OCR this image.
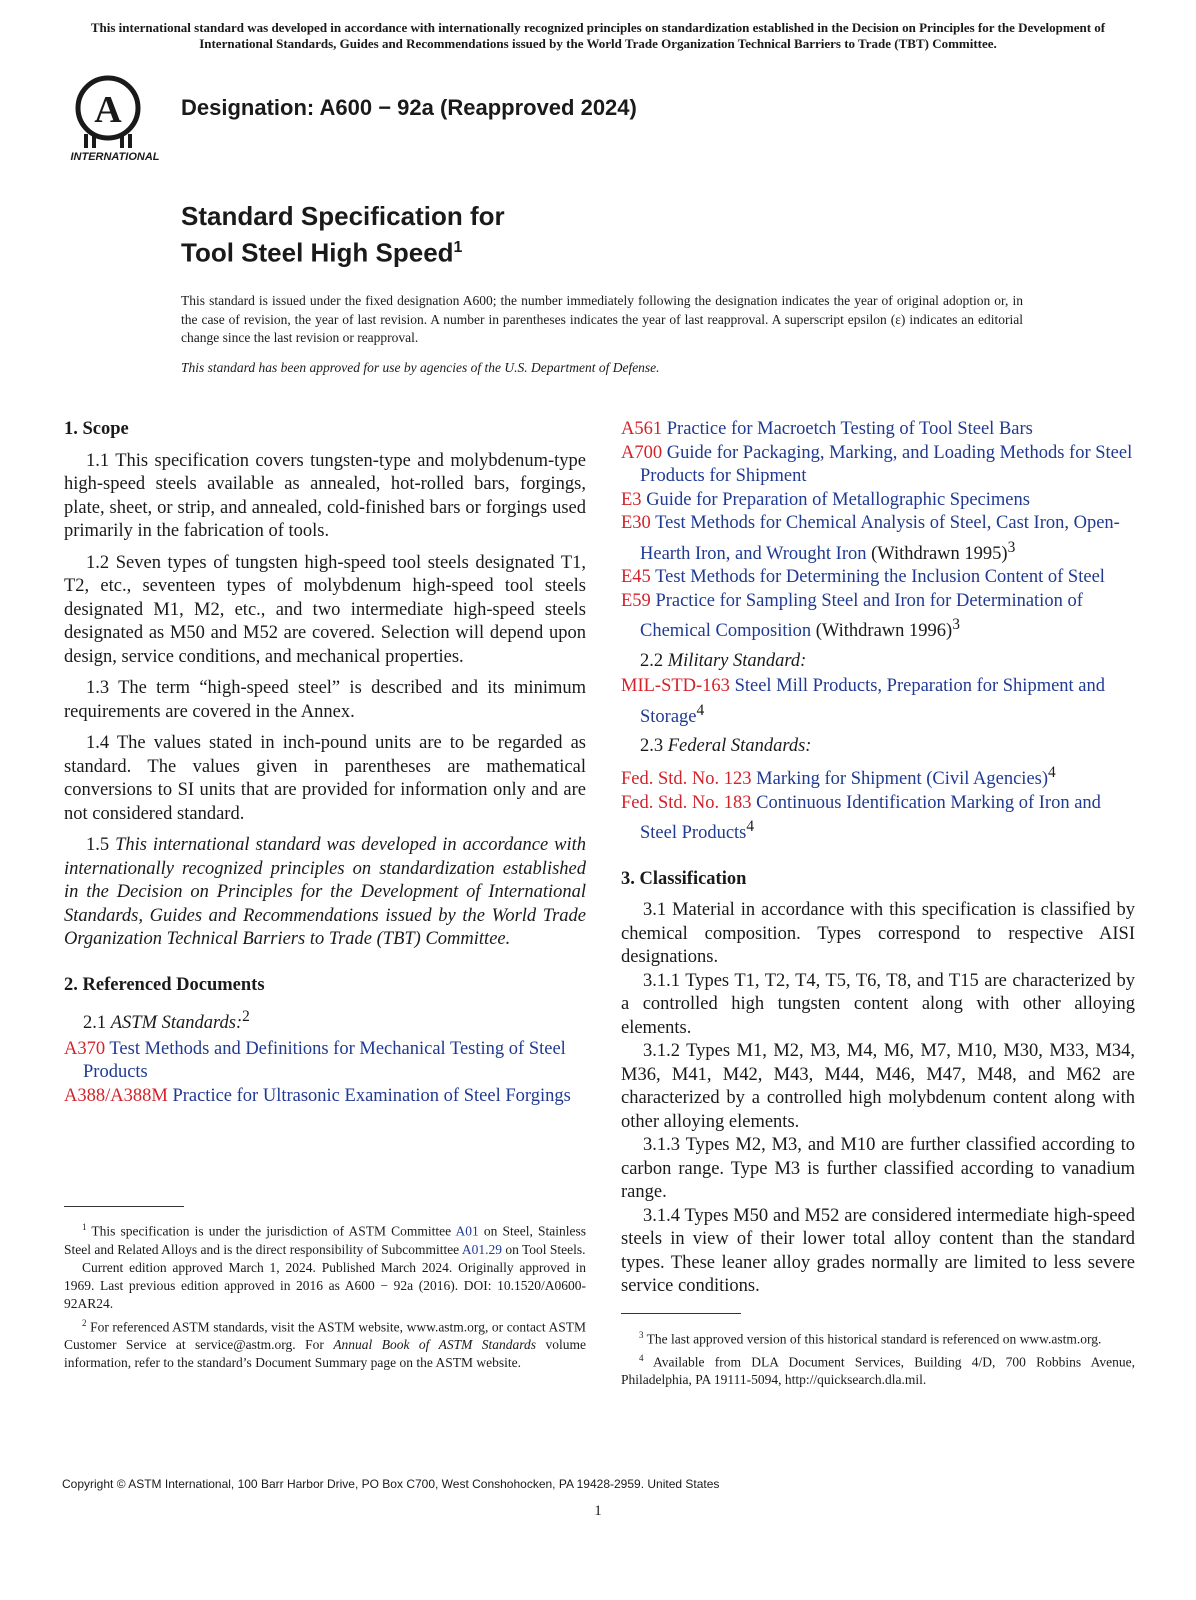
This international standard was developed in accordance with internationally recognized principles on standardization established in the Decision on Principles for the Development of International Standards, Guides and Recommendations issued by the World Trade Organization Technical Barriers to Trade (TBT) Committee.
A
INTERNATIONAL
Designation: A600 − 92a (Reapproved 2024)
Standard Specification for
Tool Steel High Speed$^1$
This standard is issued under the fixed designation A600; the number immediately following the designation indicates the year of original adoption or, in the case of revision, the year of last revision. A number in parentheses indicates the year of last reapproval. A superscript epsilon (ε) indicates an editorial change since the last revision or reapproval.
This standard has been approved for use by agencies of the U.S. Department of Defense.

1. Scope

1.1 This specification covers tungsten-type and molybdenum-type high-speed steels available as annealed, hot-rolled bars, forgings, plate, sheet, or strip, and annealed, cold-finished bars or forgings used primarily in the fabrication of tools.

1.2 Seven types of tungsten high-speed tool steels designated T1, T2, etc., seventeen types of molybdenum high-speed tool steels designated M1, M2, etc., and two intermediate high-speed steels designated as M50 and M52 are covered. Selection will depend upon design, service conditions, and mechanical properties.

1.3 The term “high-speed steel” is described and its minimum requirements are covered in the Annex.

1.4 The values stated in inch-pound units are to be regarded as standard. The values given in parentheses are mathematical conversions to SI units that are provided for information only and are not considered standard.

1.5 This international standard was developed in accordance with internationally recognized principles on standardization established in the Decision on Principles for the Development of International Standards, Guides and Recommendations issued by the World Trade Organization Technical Barriers to Trade (TBT) Committee.

2. Referenced Documents

2.1 ASTM Standards:$^2$

A370 Test Methods and Definitions for Mechanical Testing of Steel Products

A388/A388M Practice for Ultrasonic Examination of Steel Forgings

A561 Practice for Macroetch Testing of Tool Steel Bars

A700 Guide for Packaging, Marking, and Loading Methods for Steel Products for Shipment

E3 Guide for Preparation of Metallographic Specimens

E30 Test Methods for Chemical Analysis of Steel, Cast Iron, Open-Hearth Iron, and Wrought Iron (Withdrawn 1995)$^3$

E45 Test Methods for Determining the Inclusion Content of Steel

E59 Practice for Sampling Steel and Iron for Determination of Chemical Composition (Withdrawn 1996)$^3$

2.2 Military Standard:

MIL-STD-163 Steel Mill Products, Preparation for Shipment and Storage$^4$

2.3 Federal Standards:

Fed. Std. No. 123 Marking for Shipment (Civil Agencies)$^4$

Fed. Std. No. 183 Continuous Identification Marking of Iron and Steel Products$^4$

3. Classification

3.1 Material in accordance with this specification is classified by chemical composition. Types correspond to respective AISI designations.

3.1.1 Types T1, T2, T4, T5, T6, T8, and T15 are characterized by a controlled high tungsten content along with other alloying elements.

3.1.2 Types M1, M2, M3, M4, M6, M7, M10, M30, M33, M34, M36, M41, M42, M43, M44, M46, M47, M48, and M62 are characterized by a controlled high molybdenum content along with other alloying elements.

3.1.3 Types M2, M3, and M10 are further classified according to carbon range. Type M3 is further classified according to vanadium range.

3.1.4 Types M50 and M52 are considered intermediate high-speed steels in view of their lower total alloy content than the standard types. These leaner alloy grades normally are limited to less severe service conditions.

$^1$ This specification is under the jurisdiction of ASTM Committee A01 on Steel, Stainless Steel and Related Alloys and is the direct responsibility of Subcommittee A01.29 on Tool Steels.

Current edition approved March 1, 2024. Published March 2024. Originally approved in 1969. Last previous edition approved in 2016 as A600 − 92a (2016). DOI: 10.1520/A0600-92AR24.

$^2$ For referenced ASTM standards, visit the ASTM website, www.astm.org, or contact ASTM Customer Service at service@astm.org. For Annual Book of ASTM Standards volume information, refer to the standard’s Document Summary page on the ASTM website.

$^3$ The last approved version of this historical standard is referenced on www.astm.org.

$^4$ Available from DLA Document Services, Building 4/D, 700 Robbins Avenue, Philadelphia, PA 19111-5094, http://quicksearch.dla.mil.

Copyright © ASTM International, 100 Barr Harbor Drive, PO Box C700, West Conshohocken, PA 19428-2959. United States
1
